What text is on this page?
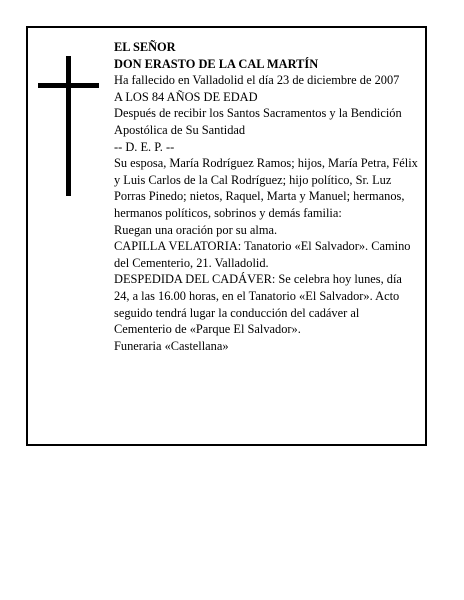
EL SEÑOR

DON ERASTO DE LA CAL MARTÍN

Ha fallecido en Valladolid el día 23 de diciembre de 2007

A LOS 84 AÑOS DE EDAD

Después de recibir los Santos Sacramentos y la Bendición Apostólica de Su Santidad

-- D. E. P. --

Su esposa, María Rodríguez Ramos; hijos, María Petra, Félix y Luis Carlos de la Cal Rodríguez; hijo político, Sr. Luz Porras Pinedo; nietos, Raquel, Marta y Manuel; hermanos, hermanos políticos, sobrinos y demás familia:

Ruegan una oración por su alma.

CAPILLA VELATORIA: Tanatorio «El Salvador». Camino del Cementerio, 21. Valladolid.

DESPEDIDA DEL CADÁVER: Se celebra hoy lunes, día 24, a las 16.00 horas, en el Tanatorio «El Salvador». Acto seguido tendrá lugar la conducción del cadáver al Cementerio de «Parque El Salvador».

Funeraria «Castellana»
